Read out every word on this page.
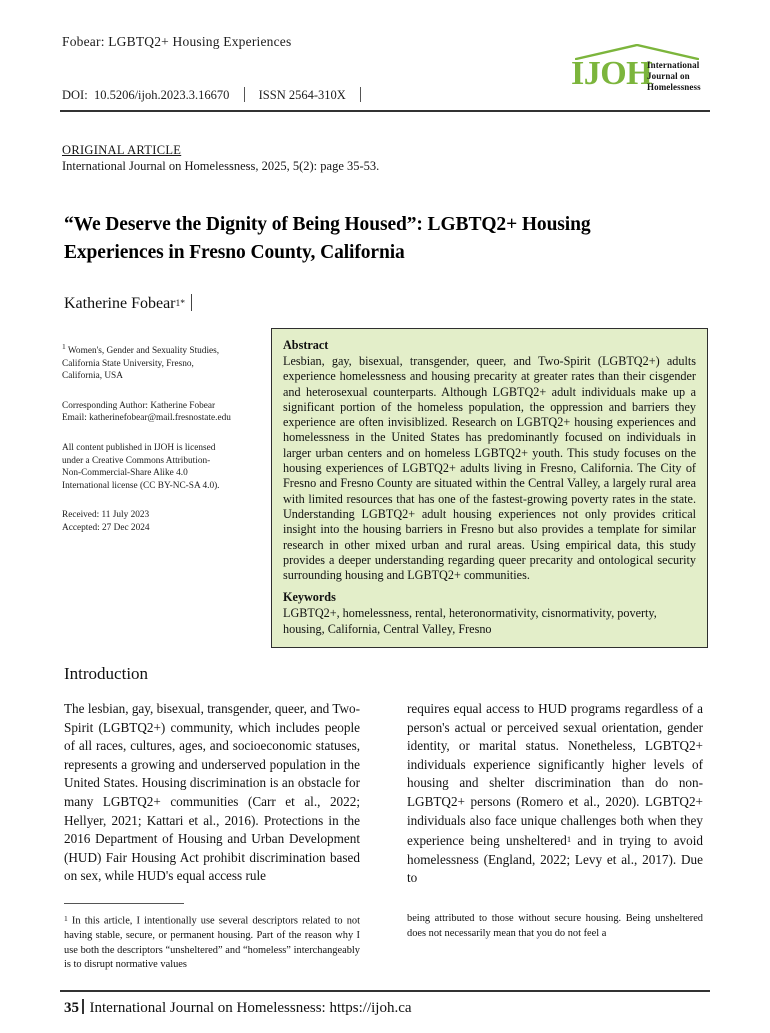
Fobear: LGBTQ2+ Housing Experiences
IJOH
International
Journal on
Homelessness
DOI: 10.5206/ijoh.2023.3.16670 ISSN 2564-310X
ORIGINAL ARTICLE
International Journal on Homelessness, 2025, 5(2): page 35-53.
“We Deserve the Dignity of Being Housed”: LGBTQ2+ Housing Experiences in Fresno County, California
Katherine Fobear$^{1*}$

$^1$ Women's, Gender and Sexuality Studies,

California State University, Fresno,

California, USA

Corresponding Author: Katherine Fobear

Email: katherinefobear@mail.fresnostate.edu

All content published in IJOH is licensed

under a Creative Commons Attribution-

Non-Commercial-Share Alike 4.0

International license (CC BY-NC-SA 4.0).

Received: 11 July 2023

Accepted: 27 Dec 2024

Abstract

Lesbian, gay, bisexual, transgender, queer, and Two-Spirit (LGBTQ2+) adults experience homelessness and housing precarity at greater rates than their cisgender and heterosexual counterparts. Although LGBTQ2+ adult individuals make up a significant portion of the homeless population, the oppression and barriers they experience are often invisiblized. Research on LGBTQ2+ housing experiences and homelessness in the United States has predominantly focused on individuals in larger urban centers and on homeless LGBTQ2+ youth. This study focuses on the housing experiences of LGBTQ2+ adults living in Fresno, California. The City of Fresno and Fresno County are situated within the Central Valley, a largely rural area with limited resources that has one of the fastest-growing poverty rates in the state. Understanding LGBTQ2+ adult housing experiences not only provides critical insight into the housing barriers in Fresno but also provides a template for similar research in other mixed urban and rural areas. Using empirical data, this study provides a deeper understanding regarding queer precarity and ontological security surrounding housing and LGBTQ2+ communities.

Keywords

LGBTQ2+, homelessness, rental, heteronormativity, cisnormativity, poverty, housing, California, Central Valley, Fresno

Introduction

The lesbian, gay, bisexual, transgender, queer, and Two-Spirit (LGBTQ2+) community, which includes people of all races, cultures, ages, and socioeconomic statuses, represents a growing and underserved population in the United States. Housing discrimination is an obstacle for many LGBTQ2+ communities (Carr et al., 2022; Hellyer, 2021; Kattari et al., 2016). Protections in the 2016 Department of Housing and Urban Development (HUD) Fair Housing Act prohibit discrimination based on sex, while HUD's equal access rule

requires equal access to HUD programs regardless of a person's actual or perceived sexual orientation, gender identity, or marital status. Nonetheless, LGBTQ2+ individuals experience significantly higher levels of housing and shelter discrimination than do non-LGBTQ2+ persons (Romero et al., 2020). LGBTQ2+ individuals also face unique challenges both when they experience being unsheltered$^1$ and in trying to avoid homelessness (England, 2022; Levy et al., 2017). Due to

$^1$ In this article, I intentionally use several descriptors related to not having stable, secure, or permanent housing. Part of the reason why I use both the descriptors “unsheltered” and “homeless” interchangeably is to disrupt normative values

being attributed to those without secure housing. Being unsheltered does not necessarily mean that you do not feel a

35 International Journal on Homelessness: https://ijoh.ca
